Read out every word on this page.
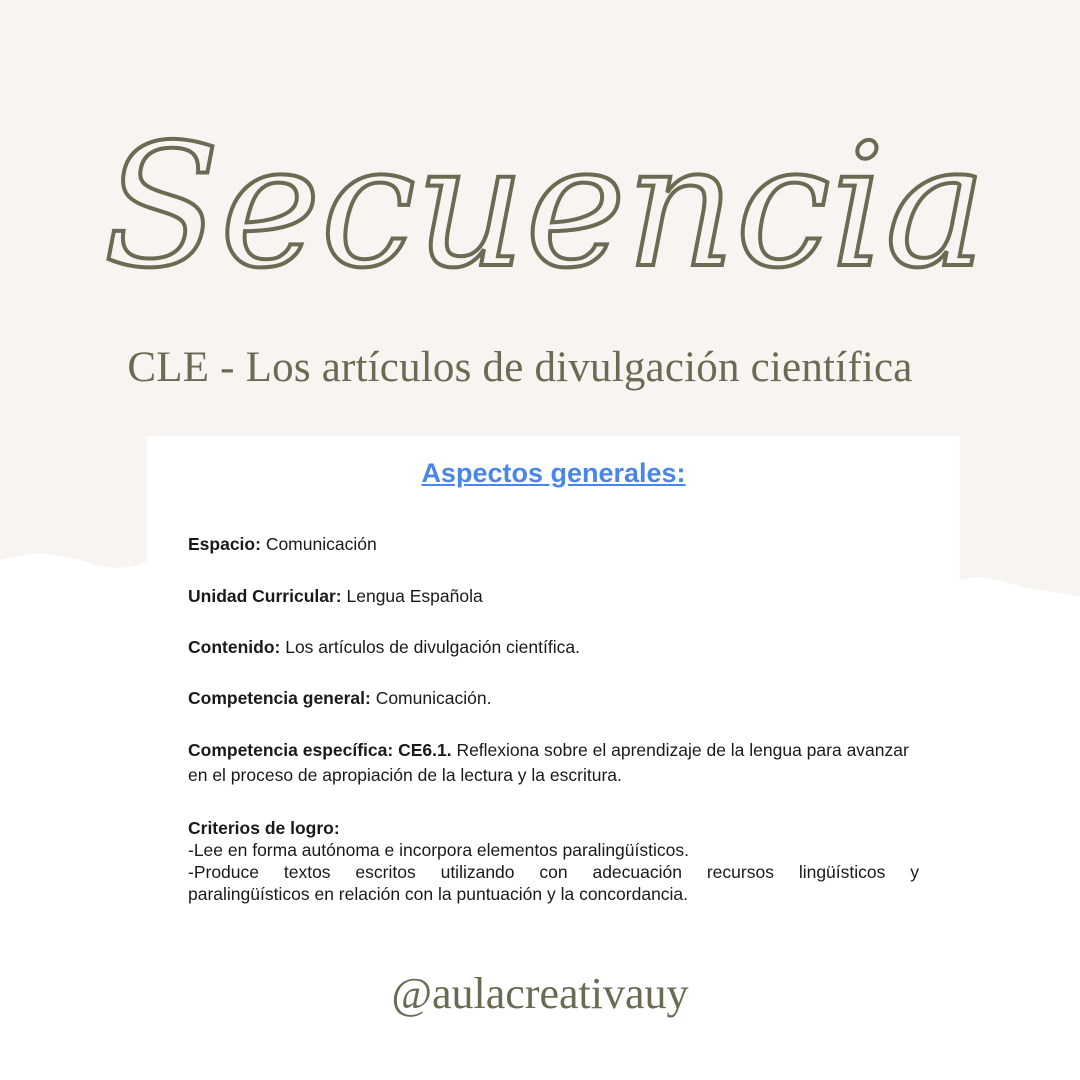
Secuencia
CLE - Los artículos de divulgación científica
Aspectos generales:
Espacio: Comunicación
Unidad Curricular: Lengua Española
Contenido: Los artículos de divulgación científica.
Competencia general: Comunicación.
Competencia específica: CE6.1. Reflexiona sobre el aprendizaje de la lengua para avanzar en el proceso de apropiación de la lectura y la escritura.
Criterios de logro:
-Lee en forma autónoma e incorpora elementos paralingüísticos.
-Produce textos escritos utilizando con adecuación recursos lingüísticos y
paralingüísticos en relación con la puntuación y la concordancia.
@aulacreativauy
